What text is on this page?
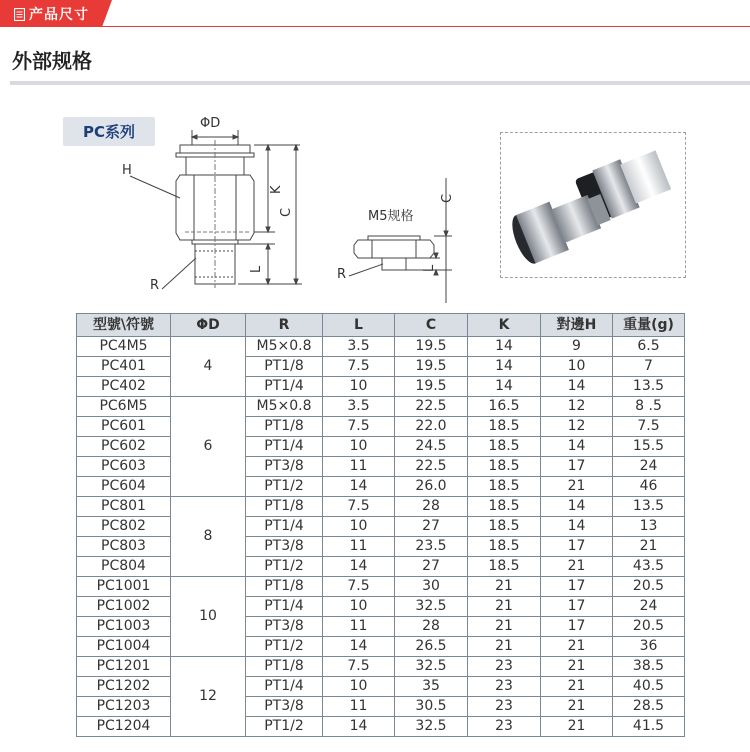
产品尺寸
外部规格
PC系列	ΦD
H
K
C
L
R
M5规格
C
L
R
型號\符號	ΦD	R	L	C	K	對邊H	重量(g)
PC4M5	4	M5×0.8	3.5	19.5	14	9	6.5
PC401		PT1/8	7.5	19.5	14	10	7
PC402		PT1/4	10	19.5	14	14	13.5
PC6M5	6	M5×0.8	3.5	22.5	16.5	12	8 .5
PC601		PT1/8	7.5	22.0	18.5	12	7.5
PC602		PT1/4	10	24.5	18.5	14	15.5
PC603		PT3/8	11	22.5	18.5	17	24
PC604		PT1/2	14	26.0	18.5	21	46
PC801	8	PT1/8	7.5	28	18.5	14	13.5
PC802		PT1/4	10	27	18.5	14	13
PC803		PT3/8	11	23.5	18.5	17	21
PC804		PT1/2	14	27	18.5	21	43.5
PC1001	10	PT1/8	7.5	30	21	17	20.5
PC1002		PT1/4	10	32.5	21	17	24
PC1003		PT3/8	11	28	21	17	20.5
PC1004		PT1/2	14	26.5	21	21	36
PC1201	12	PT1/8	7.5	32.5	23	21	38.5
PC1202		PT1/4	10	35	23	21	40.5
PC1203		PT3/8	11	30.5	23	21	28.5
PC1204		PT1/2	14	32.5	23	21	41.5
